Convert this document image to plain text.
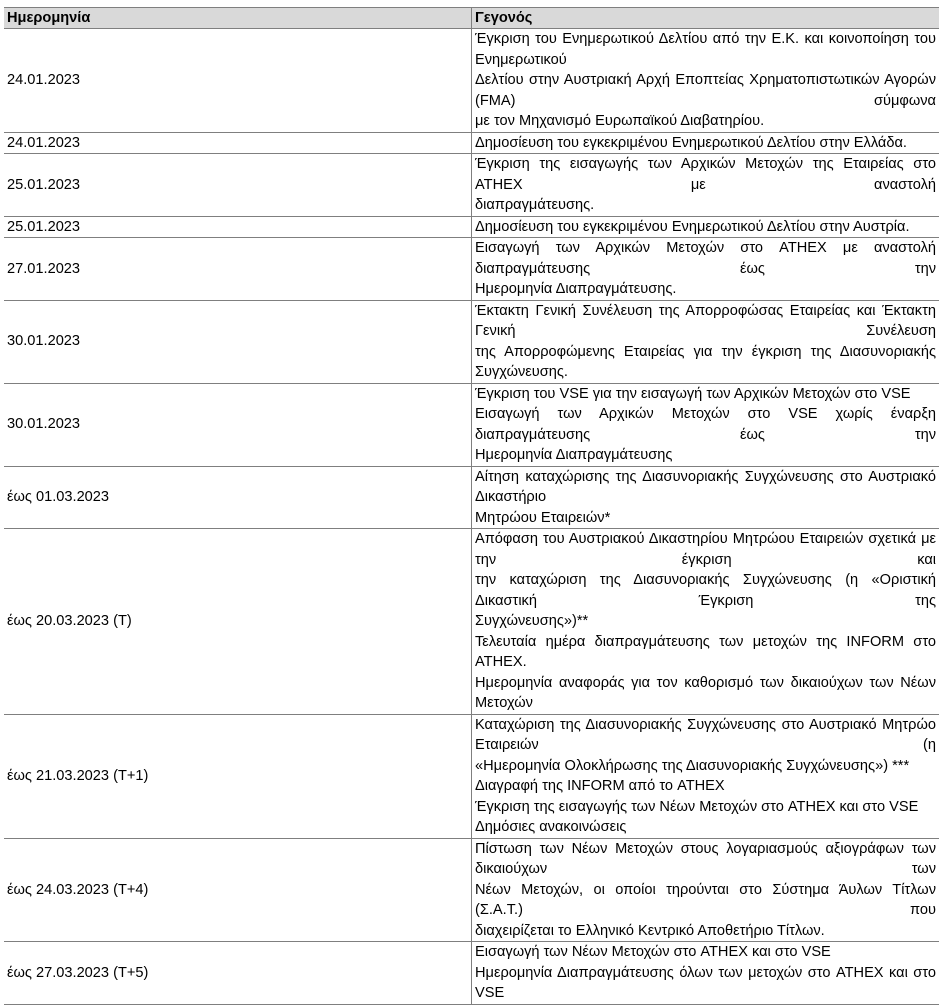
Ημερομηνία	Γεγονός
24.01.2023	Έγκριση του Ενημερωτικού Δελτίου από την Ε.Κ. και κοινοποίηση του Ενημερωτικού
Δελτίου στην Αυστριακή Αρχή Εποπτείας Χρηματοπιστωτικών Αγορών (FMA) σύμφωνα
με τον Μηχανισμό Ευρωπαϊκού Διαβατηρίου.

24.01.2023	Δημοσίευση του εγκεκριμένου Ενημερωτικού Δελτίου στην Ελλάδα.

25.01.2023	Έγκριση της εισαγωγής των Αρχικών Μετοχών της Εταιρείας στο ATHEX με αναστολή
διαπραγμάτευσης.

25.01.2023	Δημοσίευση του εγκεκριμένου Ενημερωτικού Δελτίου στην Αυστρία.

27.01.2023	Εισαγωγή των Αρχικών Μετοχών στο ATHEX με αναστολή διαπραγμάτευσης έως την
Ημερομηνία Διαπραγμάτευσης.

30.01.2023	Έκτακτη Γενική Συνέλευση της Απορροφώσας Εταιρείας και Έκτακτη Γενική Συνέλευση
της Απορροφώμενης Εταιρείας για την έγκριση της Διασυνοριακής Συγχώνευσης.

30.01.2023	Έγκριση του VSE για την εισαγωγή των Αρχικών Μετοχών στο VSE
Εισαγωγή των Αρχικών Μετοχών στο VSE χωρίς έναρξη διαπραγμάτευσης έως την
Ημερομηνία Διαπραγμάτευσης

έως 01.03.2023	Αίτηση καταχώρισης της Διασυνοριακής Συγχώνευσης στο Αυστριακό Δικαστήριο
Μητρώου Εταιρειών*

έως 20.03.2023 (Τ)	Απόφαση του Αυστριακού Δικαστηρίου Μητρώου Εταιρειών σχετικά με την έγκριση και
την καταχώριση της Διασυνοριακής Συγχώνευσης (η «Οριστική Δικαστική Έγκριση της
Συγχώνευσης»)**
Τελευταία ημέρα διαπραγμάτευσης των μετοχών της INFORM στο ATHEX.
Ημερομηνία αναφοράς για τον καθορισμό των δικαιούχων των Νέων Μετοχών

έως 21.03.2023 (Τ+1)	Καταχώριση της Διασυνοριακής Συγχώνευσης στο Αυστριακό Μητρώο Εταιρειών (η
«Ημερομηνία Ολοκλήρωσης της Διασυνοριακής Συγχώνευσης») ***
Διαγραφή της INFORM από το ATHEX
Έγκριση της εισαγωγής των Νέων Μετοχών στο ATHEX και στο VSE
Δημόσιες ανακοινώσεις

έως 24.03.2023 (Τ+4)	Πίστωση των Νέων Μετοχών στους λογαριασμούς αξιογράφων των δικαιούχων των
Νέων Μετοχών, οι οποίοι τηρούνται στο Σύστημα Άυλων Τίτλων (Σ.Α.Τ.) που
διαχειρίζεται το Ελληνικό Κεντρικό Αποθετήριο Τίτλων.

έως 27.03.2023 (Τ+5)	Εισαγωγή των Νέων Μετοχών στο ATHEX και στο VSE
Ημερομηνία Διαπραγμάτευσης όλων των μετοχών στο ATHEX και στο VSE
